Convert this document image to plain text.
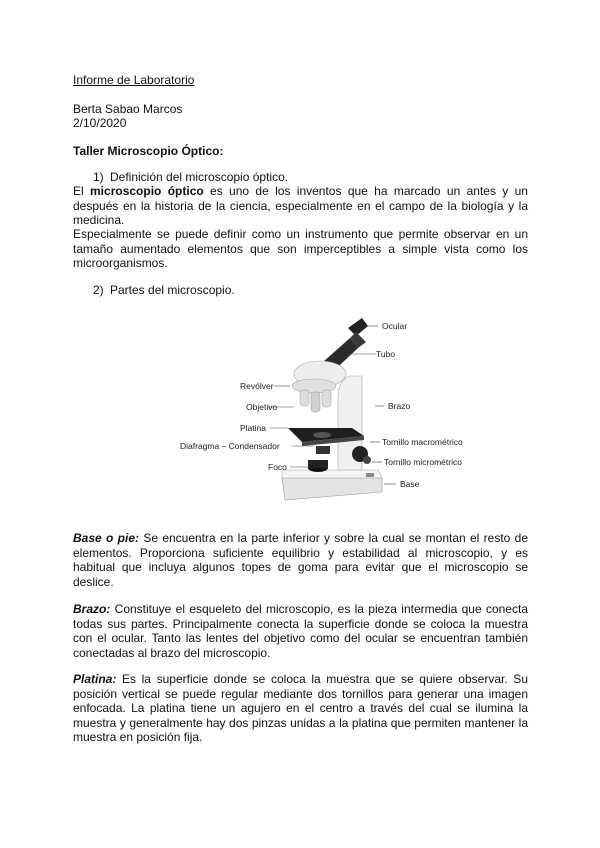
Informe de Laboratorio
Berta Sabao Marcos
2/10/2020
Taller Microscopio Óptico:
1) Definición del microscopio óptico.
El microscopio óptico es uno de los inventos que ha marcado un antes y un después en la historia de la ciencia, especialmente en el campo de la biología y la medicina.
Especialmente se puede definir como un instrumento que permite observar en un tamaño aumentado elementos que son imperceptibles a simple vista como los microorganismos.
2) Partes del microscopio.
Ocular
Tubo
Revólver
Objetivo	Brazo
Platina
Tornillo macrométrico
Diafragma – Condensador
Tornillo micrométrico
Foco
Base
Base o pie: Se encuentra en la parte inferior y sobre la cual se montan el resto de elementos. Proporciona suficiente equilibrio y estabilidad al microscopio, y es habitual que incluya algunos topes de goma para evitar que el microscopio se deslice.
Brazo: Constituye el esqueleto del microscopio, es la pieza intermedia que conecta todas sus partes. Principalmente conecta la superficie donde se coloca la muestra con el ocular. Tanto las lentes del objetivo como del ocular se encuentran también conectadas al brazo del microscopio.
Platina: Es la superficie donde se coloca la muestra que se quiere observar. Su posición vertical se puede regular mediante dos tornillos para generar una imagen enfocada. La platina tiene un agujero en el centro a través del cual se ilumina la muestra y generalmente hay dos pinzas unidas a la platina que permiten mantener la muestra en posición fija.
